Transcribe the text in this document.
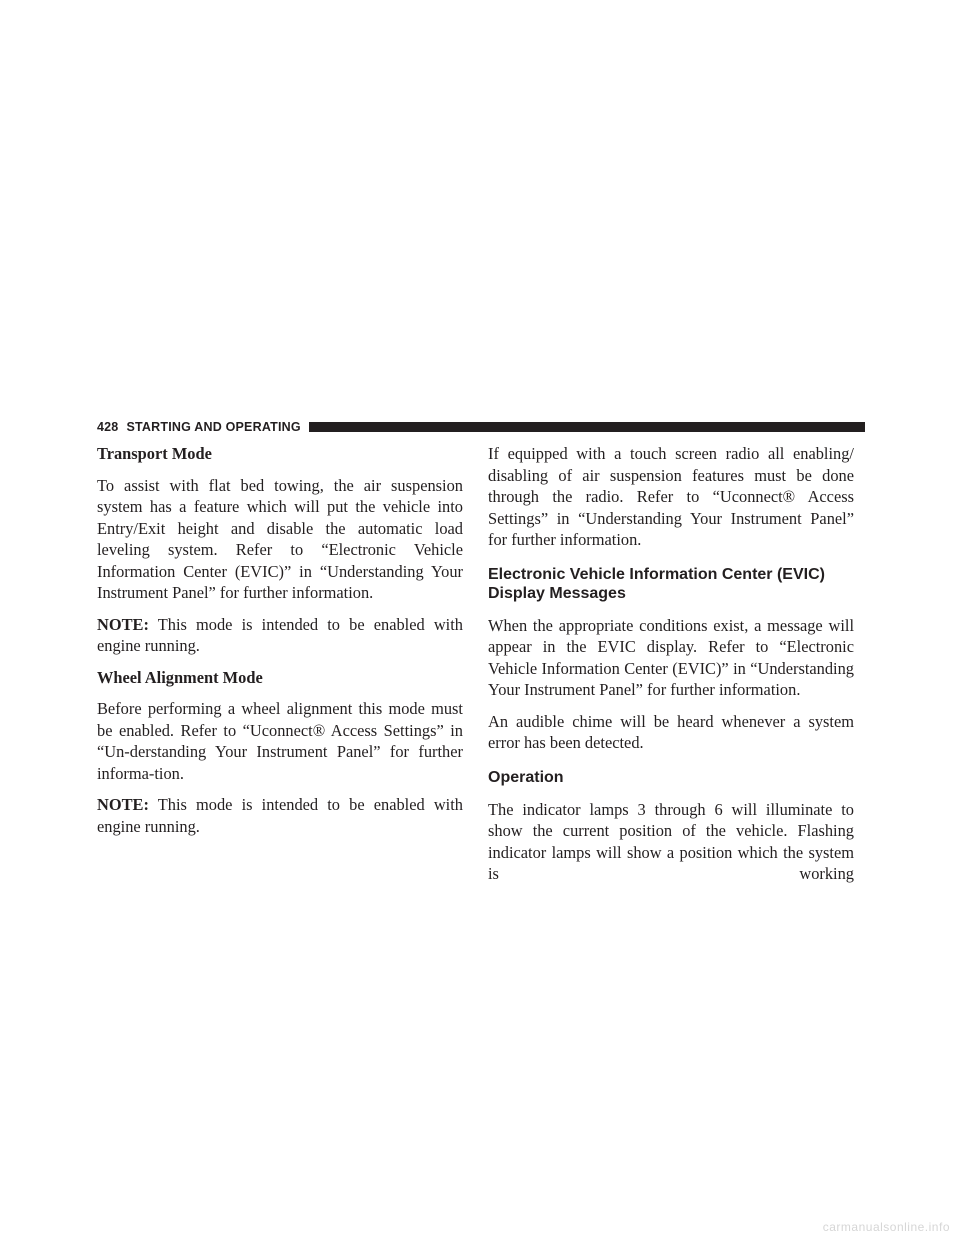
428 STARTING AND OPERATING
Transport Mode

To assist with flat bed towing, the air suspension system has a feature which will put the vehicle into Entry/Exit height and disable the automatic load leveling system. Refer to “Electronic Vehicle Information Center (EVIC)” in “Understanding Your Instrument Panel” for further information.

NOTE: This mode is intended to be enabled with engine running.

Wheel Alignment Mode

Before performing a wheel alignment this mode must be enabled. Refer to “Uconnect® Access Settings” in “Un-derstanding Your Instrument Panel” for further informa-tion.

NOTE: This mode is intended to be enabled with engine running.

If equipped with a touch screen radio all enabling/ disabling of air suspension features must be done through the radio. Refer to “Uconnect® Access Settings” in “Understanding Your Instrument Panel” for further information.

Electronic Vehicle Information Center (EVIC) Display Messages

When the appropriate conditions exist, a message will appear in the EVIC display. Refer to “Electronic Vehicle Information Center (EVIC)” in “Understanding Your Instrument Panel” for further information.

An audible chime will be heard whenever a system error has been detected.

Operation

The indicator lamps 3 through 6 will illuminate to show the current position of the vehicle. Flashing indicator lamps will show a position which the system is working

carmanualsonline.info
